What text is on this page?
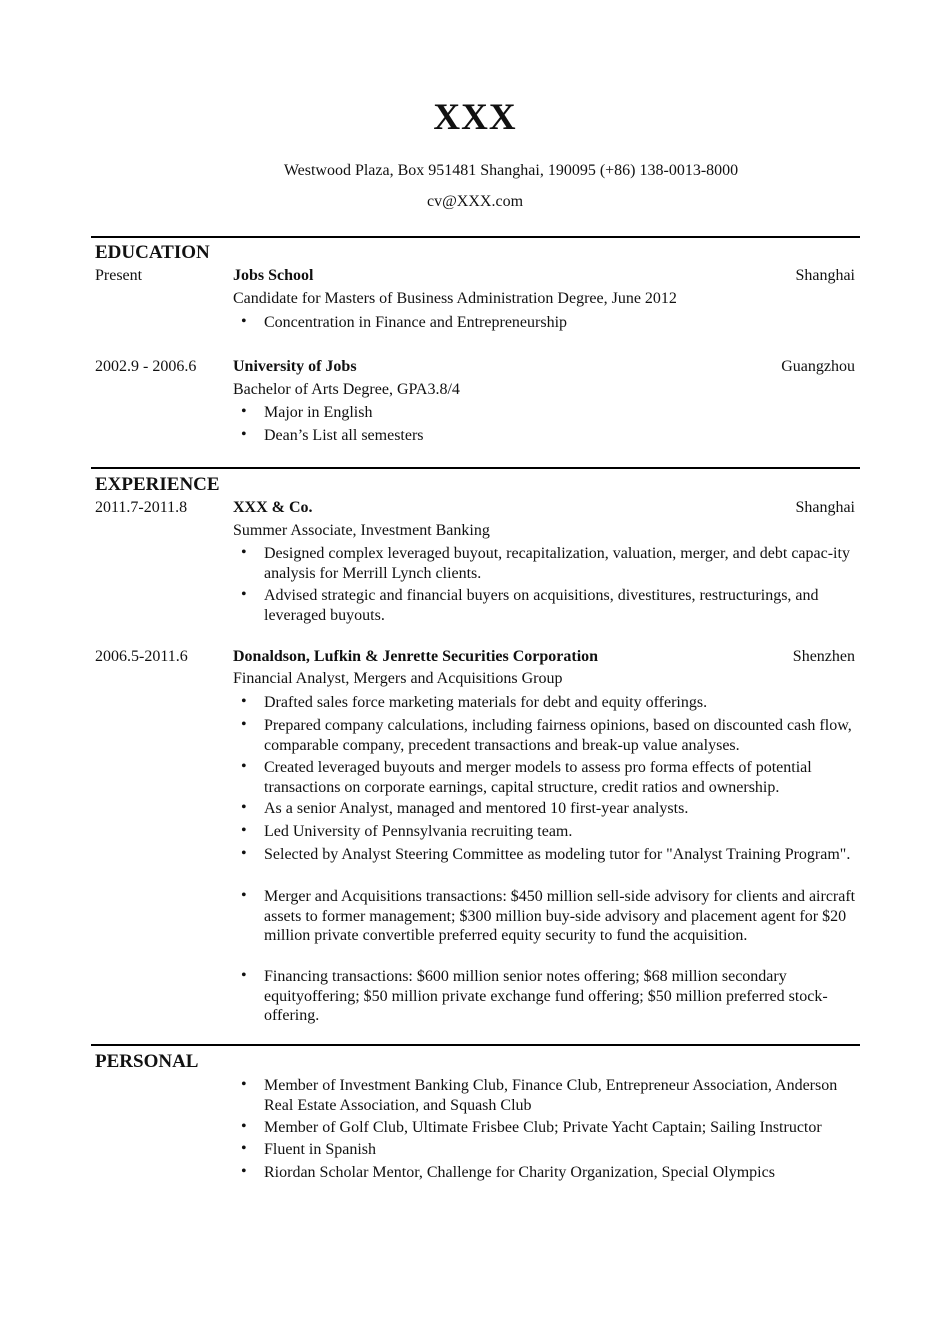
XXX
Westwood Plaza, Box 951481 Shanghai, 190095 (+86) 138-0013-8000
cv@XXX.com
EDUCATION
Present	Jobs School	Shanghai
Candidate for Masters of Business Administration Degree, June 2012
• Concentration in Finance and Entrepreneurship
2002.9 - 2006.6 University of Jobs	Guangzhou
Bachelor of Arts Degree, GPA3.8/4
• Major in English
• Dean’s List all semesters
EXPERIENCE
2011.7-2011.8	XXX & Co.	Shanghai
Summer Associate, Investment Banking
• Designed complex leveraged buyout, recapitalization, valuation, merger, and debt capac-ity analysis for Merrill Lynch clients.
• Advised strategic and financial buyers on acquisitions, divestitures, restructurings, and leveraged buyouts.
2006.5-2011.6	Donaldson, Lufkin & Jenrette Securities Corporation	Shenzhen
Financial Analyst, Mergers and Acquisitions Group
• Drafted sales force marketing materials for debt and equity offerings.
• Prepared company calculations, including fairness opinions, based on discounted cash flow, comparable company, precedent transactions and break-up value analyses.
• Created leveraged buyouts and merger models to assess pro forma effects of potential transactions on corporate earnings, capital structure, credit ratios and ownership.
• As a senior Analyst, managed and mentored 10 first-year analysts.
• Led University of Pennsylvania recruiting team.
• Selected by Analyst Steering Committee as modeling tutor for "Analyst Training Program".
• Merger and Acquisitions transactions: $450 million sell-side advisory for clients and aircraft assets to former management; $300 million buy-side advisory and placement agent for $20 million private convertible preferred equity security to fund the acquisition.
• Financing transactions: $600 million senior notes offering; $68 million secondary equityoffering; $50 million private exchange fund offering; $50 million preferred stock-offering.
PERSONAL
• Member of Investment Banking Club, Finance Club, Entrepreneur Association, Anderson Real Estate Association, and Squash Club
• Member of Golf Club, Ultimate Frisbee Club; Private Yacht Captain; Sailing Instructor
• Fluent in Spanish
• Riordan Scholar Mentor, Challenge for Charity Organization, Special Olympics
